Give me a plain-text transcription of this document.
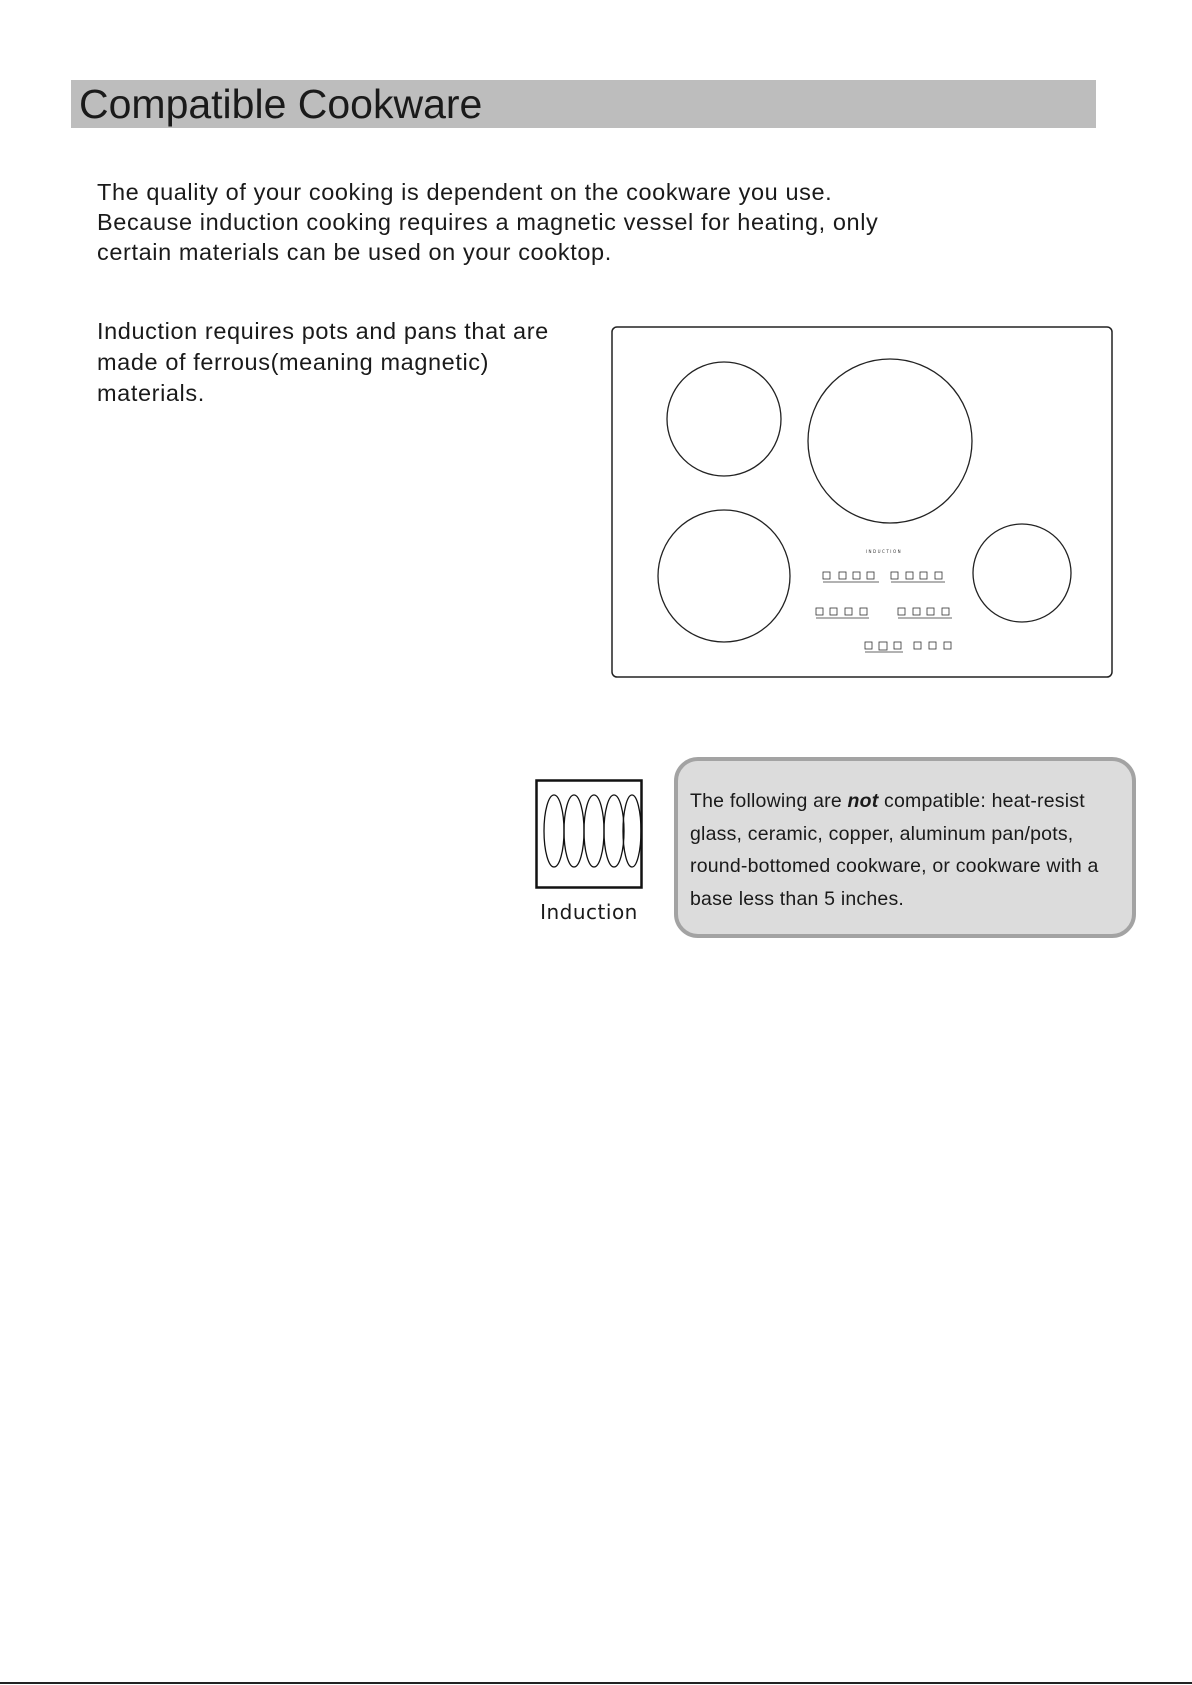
Compatible Cookware

The quality of your cooking is dependent on the cookware you use.
Because induction cooking requires a magnetic vessel for heating, only
certain materials can be used on your cooktop.

Induction requires pots and pans that are
made of ferrous(meaning magnetic)
materials.

INDUCTION
Induction
The following are not compatible: heat-resist
glass, ceramic, copper, aluminum pan/pots,
round-bottomed cookware, or cookware with a
base less than 5 inches.
